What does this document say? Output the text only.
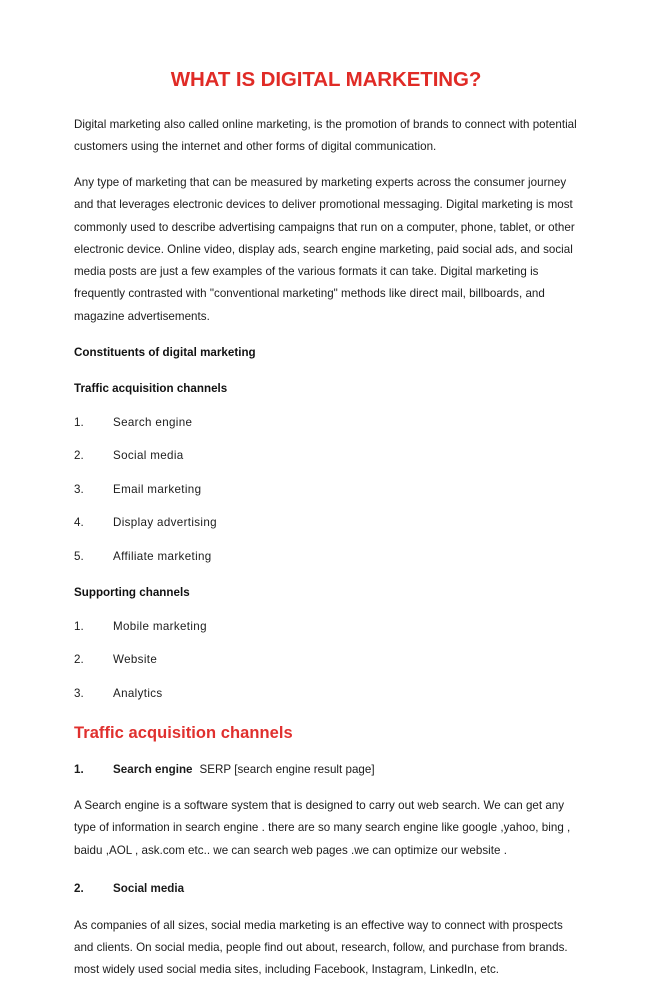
WHAT IS DIGITAL MARKETING?

Digital marketing also called online marketing, is the promotion of brands to connect with potential customers using the internet and other forms of digital communication.

Any type of marketing that can be measured by marketing experts across the consumer journey and that leverages electronic devices to deliver promotional messaging. Digital marketing is most commonly used to describe advertising campaigns that run on a computer, phone, tablet, or other electronic device. Online video, display ads, search engine marketing, paid social ads, and social media posts are just a few examples of the various formats it can take. Digital marketing is frequently contrasted with "conventional marketing" methods like direct mail, billboards, and magazine advertisements.

Constituents of digital marketing

Traffic acquisition channels

1.	Search engine
2.	Social media
3.	Email marketing
4.	Display advertising
5.	Affiliate marketing

Supporting channels

1.	Mobile marketing
2.	Website
3.	Analytics
Traffic acquisition channels
1.	Search engine SERP [search engine result page]

A Search engine is a software system that is designed to carry out web search. We can get any type of information in search engine . there are so many search engine like google ,yahoo, bing , baidu ,AOL , ask.com etc.. we can search web pages .we can optimize our website .

2.	Social media

As companies of all sizes, social media marketing is an effective way to connect with prospects and clients. On social media, people find out about, research, follow, and purchase from brands. most widely used social media sites, including Facebook, Instagram, LinkedIn, etc.
